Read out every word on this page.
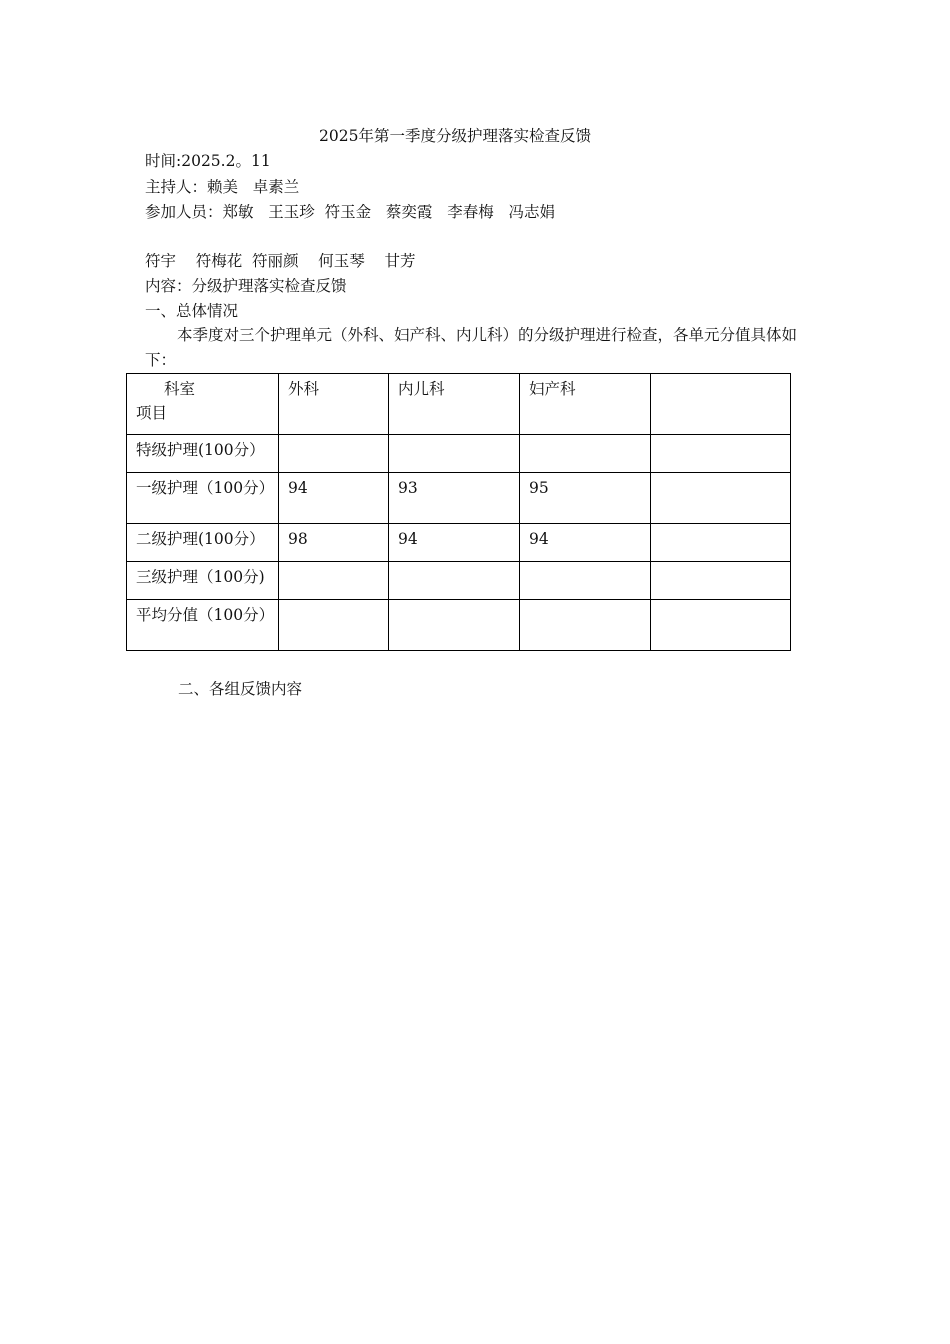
2025年第一季度分级护理落实检查反馈
时间:2025.2。11
主持人：赖美   卓素兰
参加人员：郑敏   王玉珍  符玉金   蔡奕霞   李春梅   冯志娟
符宇    符梅花  符丽颜    何玉琴    甘芳
内容：分级护理落实检查反馈
一、总体情况
本季度对三个护理单元（外科、妇产科、内儿科）的分级护理进行检查，各单元分值具体如下：
科室
项目	外科	内儿科	妇产科	
特级护理(100分）				
一级护理（100分）	94	93	95	
二级护理(100分）	98	94	94	
三级护理（100分)				
平均分值（100分）				
二、各组反馈内容
